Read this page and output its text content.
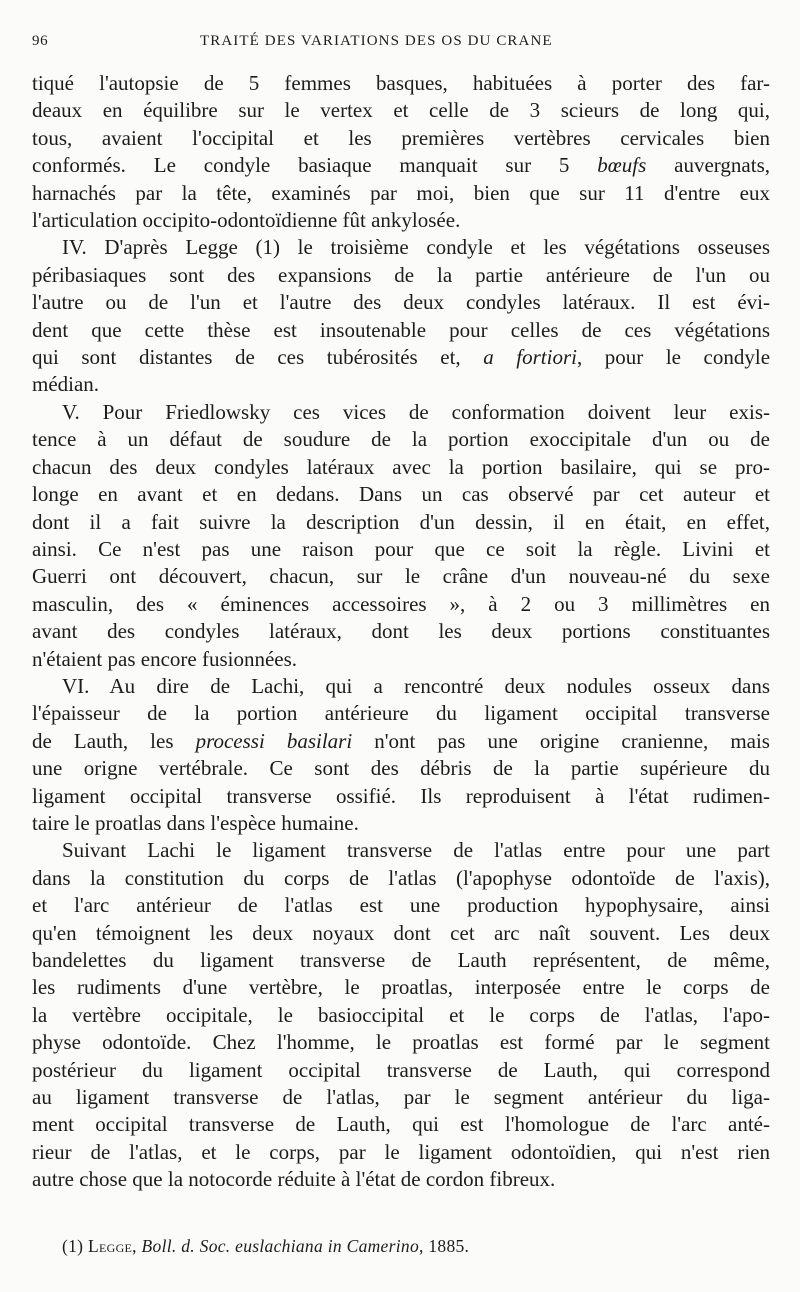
96	TRAITÉ DES VARIATIONS DES OS DU CRANE
tiqué l'autopsie de 5 femmes basques, habituées à porter des far-
deaux en équilibre sur le vertex et celle de 3 scieurs de long qui,
tous, avaient l'occipital et les premières vertèbres cervicales bien
conformés. Le condyle basiaque manquait sur 5 bœufs auvergnats,
harnachés par la tête, examinés par moi, bien que sur 11 d'entre eux
l'articulation occipito-odontoïdienne fût ankylosée.
IV. D'après Legge (1) le troisième condyle et les végétations osseuses
péribasiaques sont des expansions de la partie antérieure de l'un ou
l'autre ou de l'un et l'autre des deux condyles latéraux. Il est évi-
dent que cette thèse est insoutenable pour celles de ces végétations
qui sont distantes de ces tubérosités et, a fortiori, pour le condyle
médian.
V. Pour Friedlowsky ces vices de conformation doivent leur exis-
tence à un défaut de soudure de la portion exoccipitale d'un ou de
chacun des deux condyles latéraux avec la portion basilaire, qui se pro-
longe en avant et en dedans. Dans un cas observé par cet auteur et
dont il a fait suivre la description d'un dessin, il en était, en effet,
ainsi. Ce n'est pas une raison pour que ce soit la règle. Livini et
Guerri ont découvert, chacun, sur le crâne d'un nouveau-né du sexe
masculin, des « éminences accessoires », à 2 ou 3 millimètres en
avant des condyles latéraux, dont les deux portions constituantes
n'étaient pas encore fusionnées.
VI. Au dire de Lachi, qui a rencontré deux nodules osseux dans
l'épaisseur de la portion antérieure du ligament occipital transverse
de Lauth, les processi basilari n'ont pas une origine cranienne, mais
une origne vertébrale. Ce sont des débris de la partie supérieure du
ligament occipital transverse ossifié. Ils reproduisent à l'état rudimen-
taire le proatlas dans l'espèce humaine.
Suivant Lachi le ligament transverse de l'atlas entre pour une part
dans la constitution du corps de l'atlas (l'apophyse odontoïde de l'axis),
et l'arc antérieur de l'atlas est une production hypophysaire, ainsi
qu'en témoignent les deux noyaux dont cet arc naît souvent. Les deux
bandelettes du ligament transverse de Lauth représentent, de même,
les rudiments d'une vertèbre, le proatlas, interposée entre le corps de
la vertèbre occipitale, le basioccipital et le corps de l'atlas, l'apo-
physe odontoïde. Chez l'homme, le proatlas est formé par le segment
postérieur du ligament occipital transverse de Lauth, qui correspond
au ligament transverse de l'atlas, par le segment antérieur du liga-
ment occipital transverse de Lauth, qui est l'homologue de l'arc anté-
rieur de l'atlas, et le corps, par le ligament odontoïdien, qui n'est rien
autre chose que la notocorde réduite à l'état de cordon fibreux.
(1) Legge, Boll. d. Soc. euslachiana in Camerino, 1885.
